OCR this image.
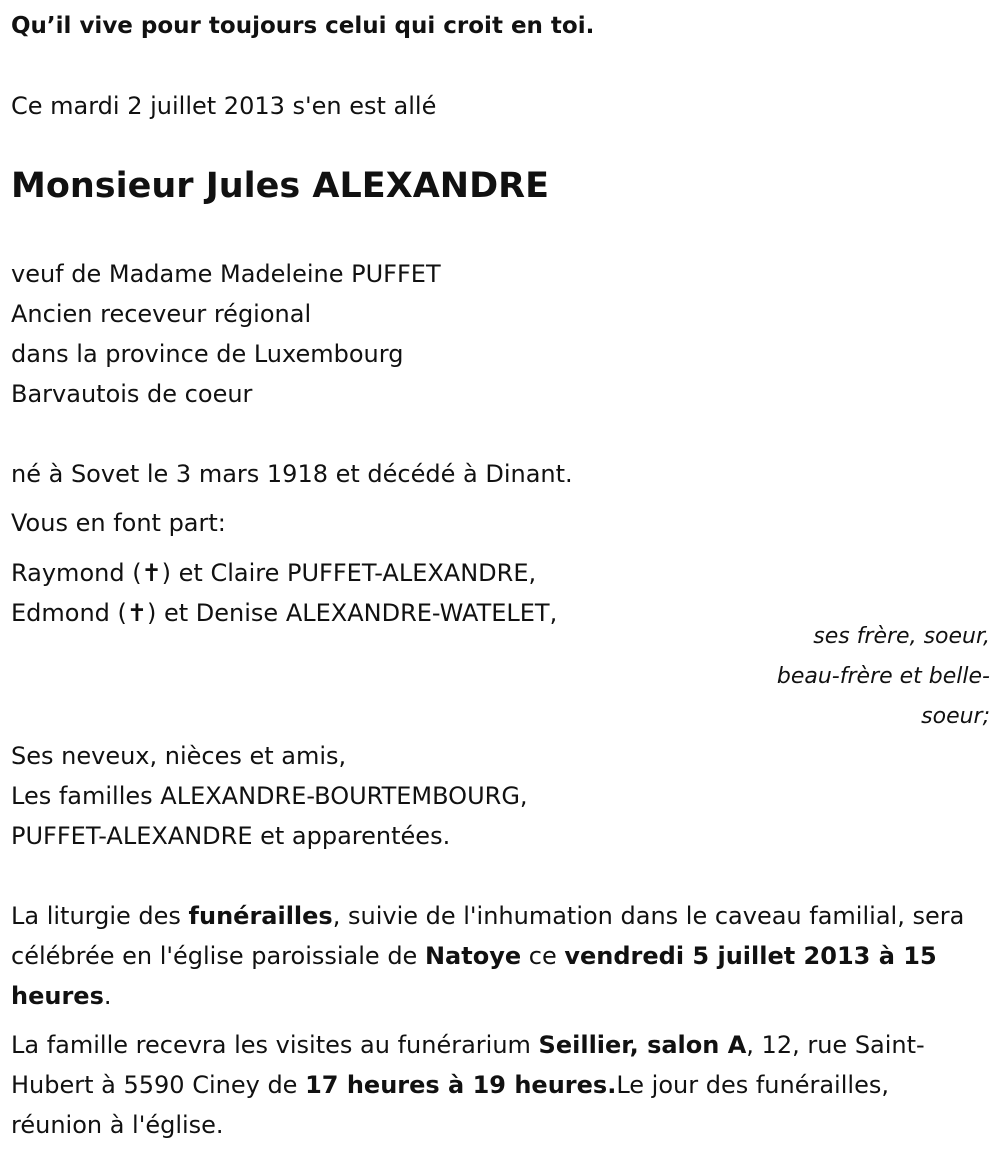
Qu’il vive pour toujours celui qui croit en toi.
Ce mardi 2 juillet 2013 s'en est allé
Monsieur Jules ALEXANDRE
veuf de Madame Madeleine PUFFET
Ancien receveur régional
dans la province de Luxembourg
Barvautois de coeur
né à Sovet le 3 mars 1918 et décédé à Dinant.
Vous en font part:
Raymond (✝) et Claire PUFFET-ALEXANDRE,
Edmond (✝) et Denise ALEXANDRE-WATELET,
ses frère, soeur,
beau-frère et belle-
soeur;
Ses neveux, nièces et amis,
Les familles ALEXANDRE-BOURTEMBOURG,
PUFFET-ALEXANDRE et apparentées.
La liturgie des funérailles, suivie de l'inhumation dans le caveau familial, sera célébrée en l'église paroissiale de Natoye ce vendredi 5 juillet 2013 à 15 heures.
La famille recevra les visites au funérarium Seillier, salon A, 12, rue Saint-Hubert à 5590 Ciney de 17 heures à 19 heures.Le jour des funérailles, réunion à l'église.
